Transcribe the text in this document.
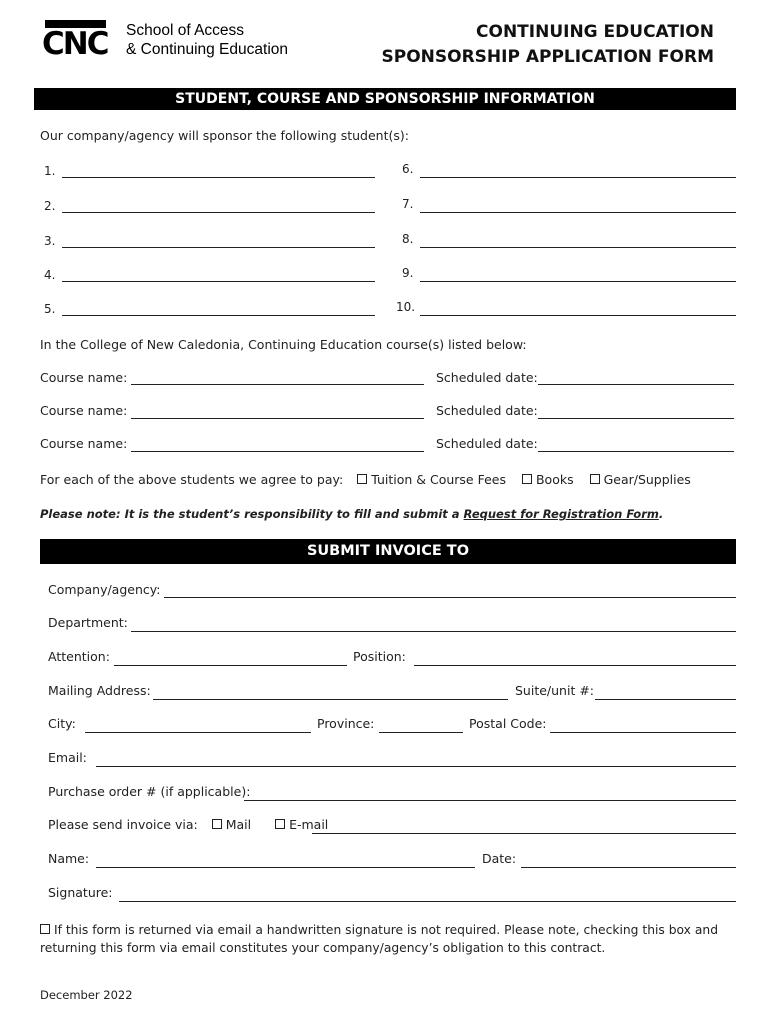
CNC School of Access
& Continuing Education
CONTINUING EDUCATION
SPONSORSHIP APPLICATION FORM
STUDENT, COURSE AND SPONSORSHIP INFORMATION
Our company/agency will sponsor the following student(s):
1.
2.
3.
4.
5.
6.
7.
8.
9.
10.
In the College of New Caledonia, Continuing Education course(s) listed below:
Course name:	Scheduled date:
Course name:	Scheduled date:
Course name:	Scheduled date:
For each of the above students we agree to pay: Tuition & Course Fees Books Gear/Supplies
Please note: It is the student’s responsibility to fill and submit a Request for Registration Form.
SUBMIT INVOICE TO
Company/agency:
Department:
Attention:	Position:
Mailing Address:	Suite/unit #:
City:	Province:	Postal Code:
Email:
Purchase order # (if applicable):
Please send invoice via: Mail	E-mail
Name:	Date:
Signature:
If this form is returned via email a handwritten signature is not required. Please note, checking this box and
returning this form via email constitutes your company/agency’s obligation to this contract.
December 2022
